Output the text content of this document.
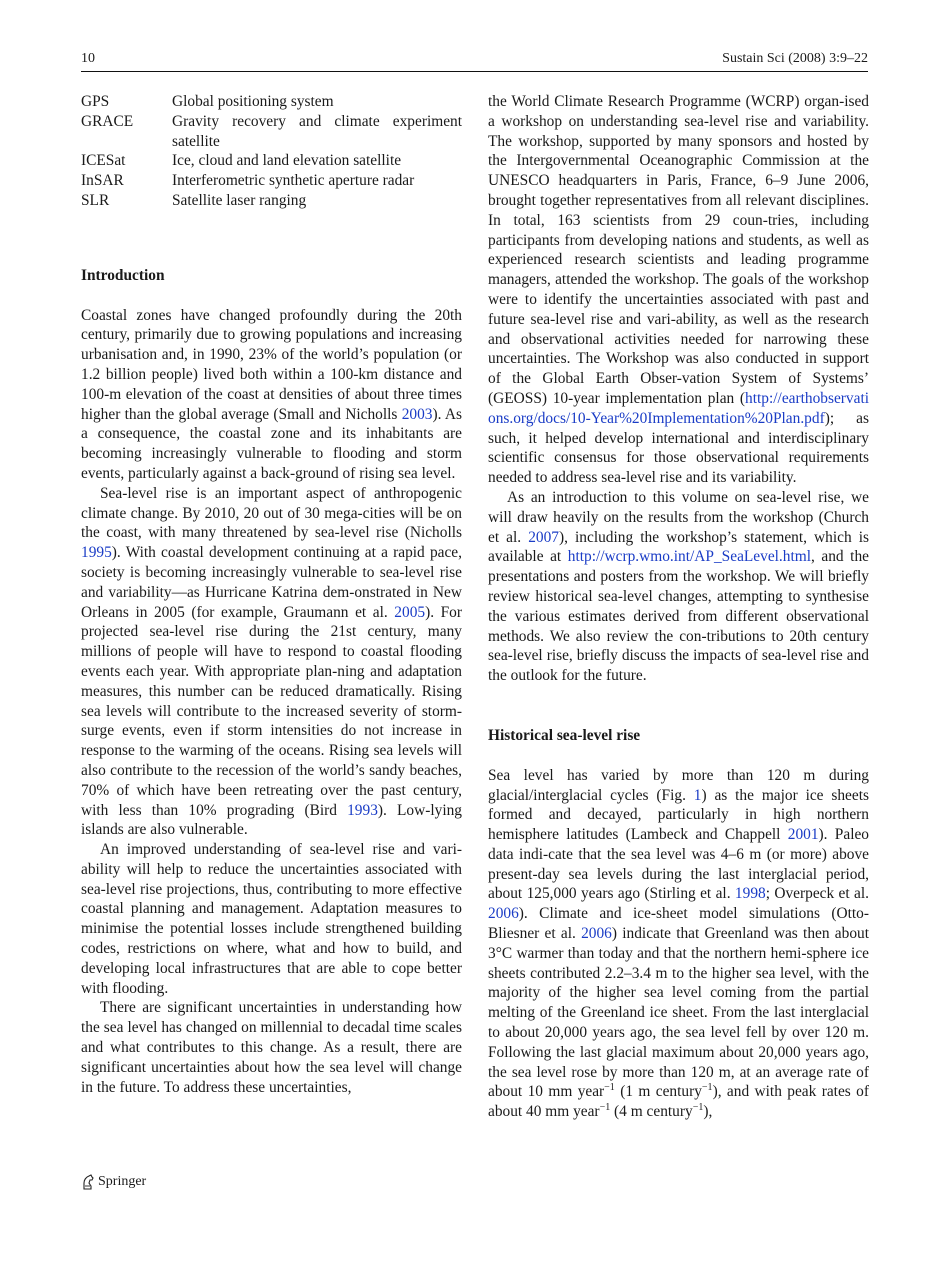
10	Sustain Sci (2008) 3:9–22
GPS	Global positioning system
GRACE	Gravity recovery and climate experiment satellite
ICESat	Ice, cloud and land elevation satellite
InSAR	Interferometric synthetic aperture radar
SLR	Satellite laser ranging
Introduction

Coastal zones have changed profoundly during the 20th century, primarily due to growing populations and increasing urbanisation and, in 1990, 23% of the world’s population (or 1.2 billion people) lived both within a 100-km distance and 100-m elevation of the coast at densities of about three times higher than the global average (Small and Nicholls 2003). As a consequence, the coastal zone and its inhabitants are becoming increasingly vulnerable to flooding and storm events, particularly against a back-ground of rising sea level.

Sea-level rise is an important aspect of anthropogenic climate change. By 2010, 20 out of 30 mega-cities will be on the coast, with many threatened by sea-level rise (Nicholls 1995). With coastal development continuing at a rapid pace, society is becoming increasingly vulnerable to sea-level rise and variability—as Hurricane Katrina dem-onstrated in New Orleans in 2005 (for example, Graumann et al. 2005). For projected sea-level rise during the 21st century, many millions of people will have to respond to coastal flooding events each year. With appropriate plan-ning and adaptation measures, this number can be reduced dramatically. Rising sea levels will contribute to the increased severity of storm-surge events, even if storm intensities do not increase in response to the warming of the oceans. Rising sea levels will also contribute to the recession of the world’s sandy beaches, 70% of which have been retreating over the past century, with less than 10% prograding (Bird 1993). Low-lying islands are also vulnerable.

An improved understanding of sea-level rise and vari-ability will help to reduce the uncertainties associated with sea-level rise projections, thus, contributing to more effective coastal planning and management. Adaptation measures to minimise the potential losses include strengthened building codes, restrictions on where, what and how to build, and developing local infrastructures that are able to cope better with flooding.

There are significant uncertainties in understanding how the sea level has changed on millennial to decadal time scales and what contributes to this change. As a result, there are significant uncertainties about how the sea level will change in the future. To address these uncertainties,

the World Climate Research Programme (WCRP) organ-ised a workshop on understanding sea-level rise and variability. The workshop, supported by many sponsors and hosted by the Intergovernmental Oceanographic Commission at the UNESCO headquarters in Paris, France, 6–9 June 2006, brought together representatives from all relevant disciplines. In total, 163 scientists from 29 coun-tries, including participants from developing nations and students, as well as experienced research scientists and leading programme managers, attended the workshop. The goals of the workshop were to identify the uncertainties associated with past and future sea-level rise and vari-ability, as well as the research and observational activities needed for narrowing these uncertainties. The Workshop was also conducted in support of the Global Earth Obser-vation System of Systems’ (GEOSS) 10-year implementation plan (http://earthobservations.org/docs/10-Year%20Implementation%20Plan.pdf); as such, it helped develop international and interdisciplinary scientific consensus for those observational requirements needed to address sea-level rise and its variability.

As an introduction to this volume on sea-level rise, we will draw heavily on the results from the workshop (Church et al. 2007), including the workshop’s statement, which is available at http://wcrp.wmo.int/AP_SeaLevel.html, and the presentations and posters from the workshop. We will briefly review historical sea-level changes, attempting to synthesise the various estimates derived from different observational methods. We also review the con-tributions to 20th century sea-level rise, briefly discuss the impacts of sea-level rise and the outlook for the future.

Historical sea-level rise

Sea level has varied by more than 120 m during glacial/interglacial cycles (Fig. 1) as the major ice sheets formed and decayed, particularly in high northern hemisphere latitudes (Lambeck and Chappell 2001). Paleo data indi-cate that the sea level was 4–6 m (or more) above present-day sea levels during the last interglacial period, about 125,000 years ago (Stirling et al. 1998; Overpeck et al. 2006). Climate and ice-sheet model simulations (Otto-Bliesner et al. 2006) indicate that Greenland was then about 3°C warmer than today and that the northern hemi-sphere ice sheets contributed 2.2–3.4 m to the higher sea level, with the majority of the higher sea level coming from the partial melting of the Greenland ice sheet. From the last interglacial to about 20,000 years ago, the sea level fell by over 120 m. Following the last glacial maximum about 20,000 years ago, the sea level rose by more than 120 m, at an average rate of about 10 mm year$^{-1}$ (1 m century$^{-1}$), and with peak rates of about 40 mm year$^{-1}$ (4 m century$^{-1}$),

Springer
